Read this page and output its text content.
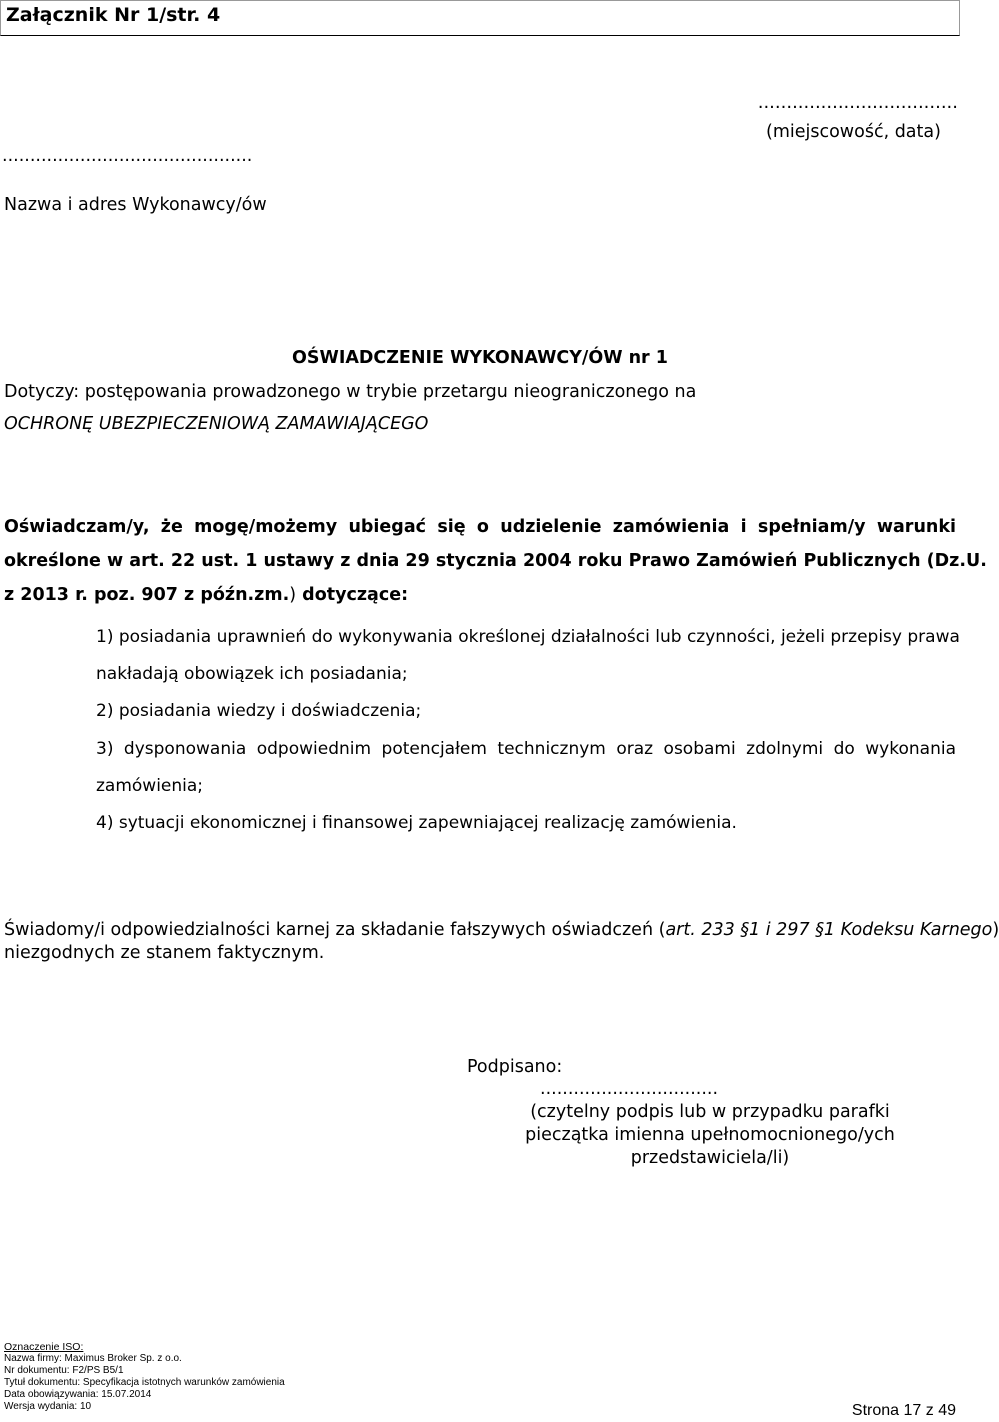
Załącznik Nr 1/str. 4
...................................
(miejscowość, data)
.............................................
Nazwa i adres Wykonawcy/ów
OŚWIADCZENIE WYKONAWCY/ÓW nr 1
Dotyczy: postępowania prowadzonego w trybie przetargu nieograniczonego na
OCHRONĘ UBEZPIECZENIOWĄ ZAMAWIAJĄCEGO
Oświadczam/y, że mogę/możemy ubiegać się o udzielenie zamówienia i spełniam/y warunki
określone w art. 22 ust. 1 ustawy z dnia 29 stycznia 2004 roku Prawo Zamówień Publicznych (Dz.U.
z 2013 r. poz. 907 z późn.zm.) dotyczące:
1) posiadania uprawnień do wykonywania określonej działalności lub czynności, jeżeli przepisy prawa
nakładają obowiązek ich posiadania;
2) posiadania wiedzy i doświadczenia;
3) dysponowania odpowiednim potencjałem technicznym oraz osobami zdolnymi do wykonania
zamówienia;
4) sytuacji ekonomicznej i finansowej zapewniającej realizację zamówienia.
Świadomy/i odpowiedzialności karnej za składanie fałszywych oświadczeń (art. 233 §1 i 297 §1 Kodeksu Karnego)
niezgodnych ze stanem faktycznym.
Podpisano:
................................
(czytelny podpis lub w przypadku parafki
pieczątka imienna upełnomocnionego/ych
przedstawiciela/li)
Oznaczenie ISO:
Nazwa firmy: Maximus Broker Sp. z o.o.
Nr dokumentu: F2/PS B5/1
Tytuł dokumentu: Specyfikacja istotnych warunków zamówienia
Data obowiązywania: 15.07.2014
Wersja wydania: 10	Strona 17 z 49
